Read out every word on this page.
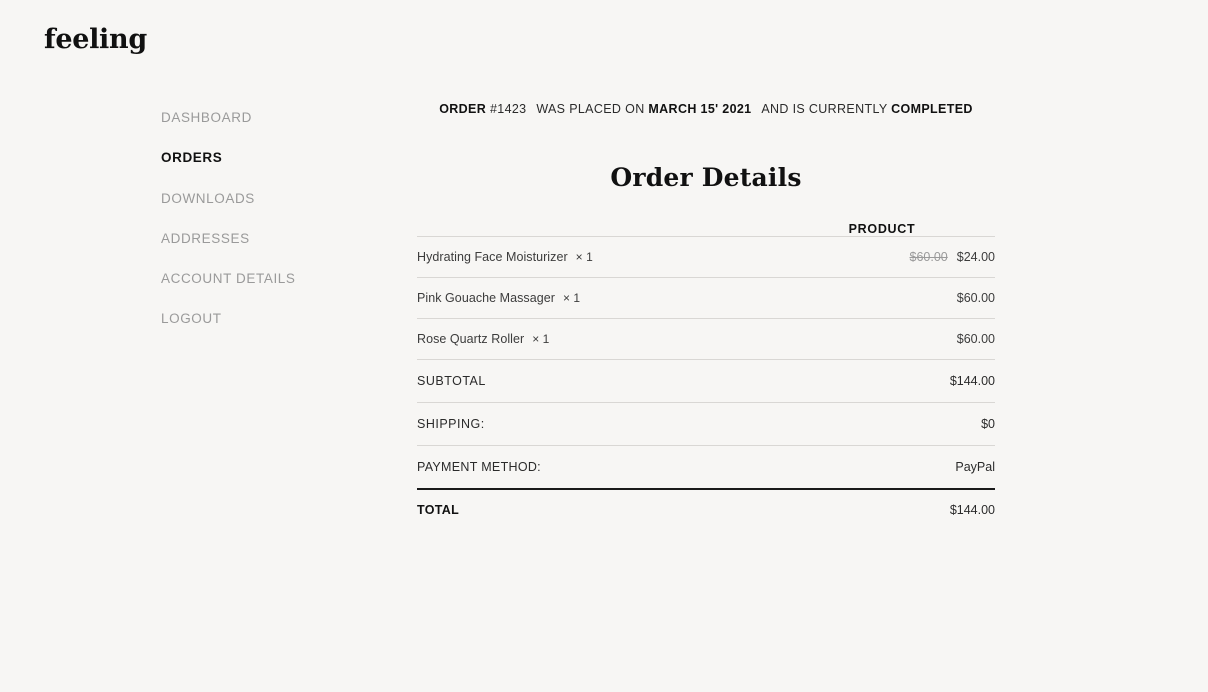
feeling
DASHBOARD
ORDERS
DOWNLOADS
ADDRESSES
ACCOUNT DETAILS
LOGOUT

ORDER #1423 WAS PLACED ON MARCH 15' 2021 AND IS CURRENTLY COMPLETED

Order Details
	PRODUCT
Hydrating Face Moisturizer × 1	$60.00 $24.00
Pink Gouache Massager × 1	$60.00
Rose Quartz Roller × 1	$60.00
SUBTOTAL	$144.00
SHIPPING:	$0
PAYMENT METHOD:	PayPal
TOTAL	$144.00
